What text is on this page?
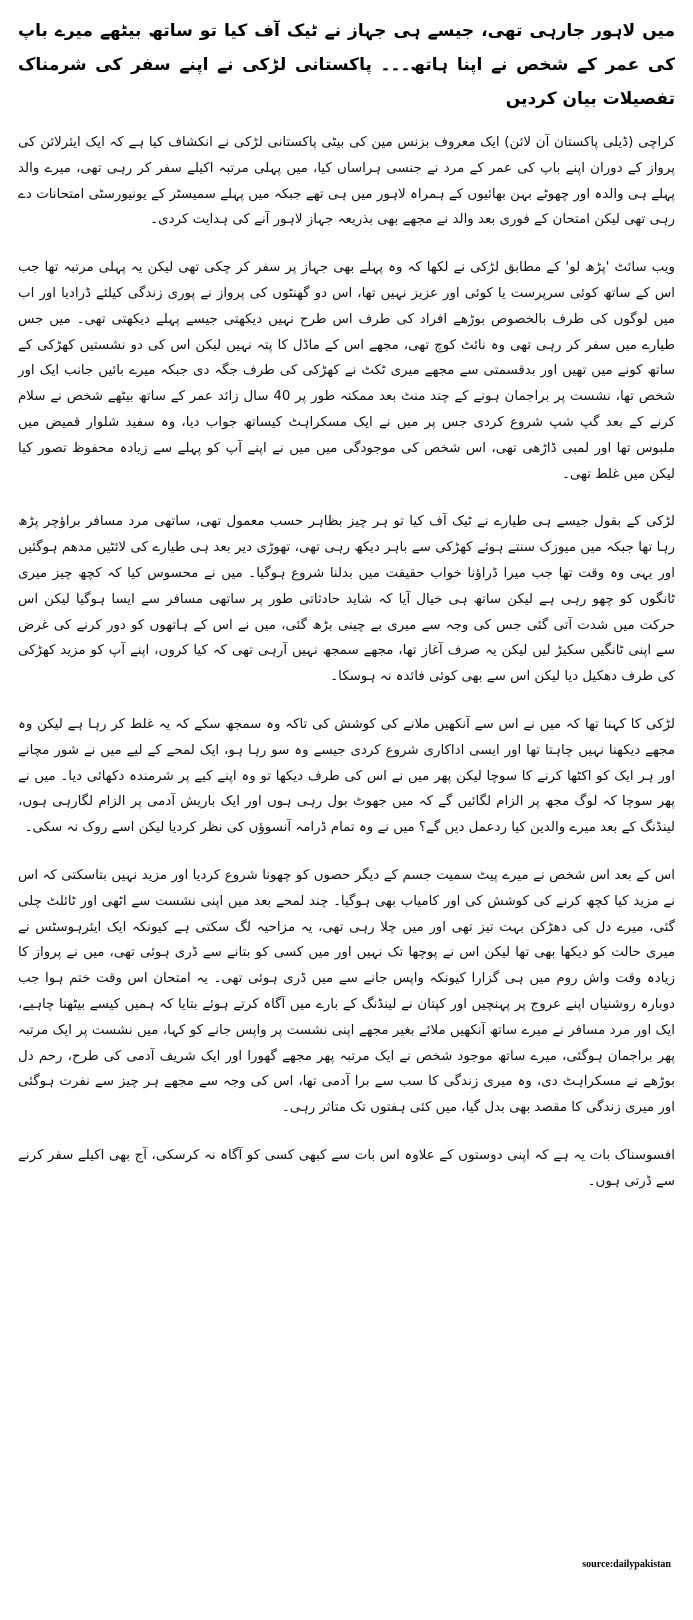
میں لاہور جارہی تھی، جیسے ہی جہاز نے ٹیک آف کیا تو ساتھ بیٹھے میرے باپ کی عمر کے شخص نے اپنا ہاتھ۔۔۔ پاکستانی لڑکی نے اپنے سفر کی شرمناک تفصیلات بیان کردیں

کراچی (ڈیلی پاکستان آن لائن) ایک معروف بزنس مین کی بیٹی پاکستانی لڑکی نے انکشاف کیا ہے کہ ایک ایئرلائن کی پرواز کے دوران اپنے باپ کی عمر کے مرد نے جنسی ہراساں کیا، میں پہلی مرتبہ اکیلے سفر کر رہی تھی، میرے والد پہلے ہی والدہ اور چھوٹے بہن بھائیوں کے ہمراہ لاہور میں ہی تھے جبکہ میں پہلے سمیسٹر کے یونیورسٹی امتحانات دے رہی تھی لیکن امتحان کے فوری بعد والد نے مجھے بھی بذریعہ جہاز لاہور آنے کی ہدایت کردی۔

ویب سائٹ 'پڑھ لو' کے مطابق لڑکی نے لکھا کہ وہ پہلے بھی جہاز پر سفر کر چکی تھی لیکن یہ پہلی مرتبہ تھا جب اس کے ساتھ کوئی سرپرست یا کوئی اور عزیز نہیں تھا، اس دو گھنٹوں کی پرواز نے پوری زندگی کیلئے ڈرادیا اور اب میں لوگوں کی طرف بالخصوص بوڑھے افراد کی طرف اس طرح نہیں دیکھتی جیسے پہلے دیکھتی تھی۔ میں جس طیارے میں سفر کر رہی تھی وہ نائٹ کوچ تھی، مجھے اس کے ماڈل کا پتہ نہیں لیکن اس کی دو نشستیں کھڑکی کے ساتھ کونے میں تھیں اور بدقسمتی سے مجھے میری ٹکٹ نے کھڑکی کی طرف جگہ دی جبکہ میرے بائیں جانب ایک اور شخص تھا، نشست پر براجمان ہونے کے چند منٹ بعد ممکنہ طور پر 40 سال زائد عمر کے ساتھ بیٹھے شخص نے سلام کرنے کے بعد گپ شپ شروع کردی جس پر میں نے ایک مسکراہٹ کیساتھ جواب دیا، وہ سفید شلوار قمیض میں ملبوس تھا اور لمبی ڈاڑھی تھی، اس شخص کی موجودگی میں میں نے اپنے آپ کو پہلے سے زیادہ محفوظ تصور کیا لیکن میں غلط تھی۔

لڑکی کے بقول جیسے ہی طیارے نے ٹیک آف کیا تو ہر چیز بظاہر حسب معمول تھی، ساتھی مرد مسافر براؤچر پڑھ رہا تھا جبکہ میں میوزک سنتے ہوئے کھڑکی سے باہر دیکھ رہی تھی، تھوڑی دیر بعد ہی طیارے کی لائٹیں مدھم ہوگئیں اور یہی وہ وقت تھا جب میرا ڈراؤنا خواب حقیقت میں بدلنا شروع ہوگیا۔ میں نے محسوس کیا کہ کچھ چیز میری ٹانگوں کو چھو رہی ہے لیکن ساتھ ہی خیال آیا کہ شاید حادثاتی طور پر ساتھی مسافر سے ایسا ہوگیا لیکن اس حرکت میں شدت آتی گئی جس کی وجہ سے میری بے چینی بڑھ گئی، میں نے اس کے ہاتھوں کو دور کرنے کی غرض سے اپنی ٹانگیں سکیڑ لیں لیکن یہ صرف آغاز تھا، مجھے سمجھ نہیں آرہی تھی کہ کیا کروں، اپنے آپ کو مزید کھڑکی کی طرف دھکیل دیا لیکن اس سے بھی کوئی فائدہ نہ ہوسکا۔

لڑکی کا کہنا تھا کہ میں نے اس سے آنکھیں ملانے کی کوشش کی تاکہ وہ سمجھ سکے کہ یہ غلط کر رہا ہے لیکن وہ مجھے دیکھنا نہیں چاہتا تھا اور ایسی اداکاری شروع کردی جیسے وہ سو رہا ہو، ایک لمحے کے لیے میں نے شور مچانے اور ہر ایک کو اکٹھا کرنے کا سوچا لیکن پھر میں نے اس کی طرف دیکھا تو وہ اپنے کیے پر شرمندہ دکھائی دیا۔ میں نے پھر سوچا کہ لوگ مجھ پر الزام لگائیں گے کہ میں جھوٹ بول رہی ہوں اور ایک باریش آدمی پر الزام لگارہی ہوں، لینڈنگ کے بعد میرے والدین کیا ردعمل دیں گے؟ میں نے وہ تمام ڈرامہ آنسوؤں کی نظر کردیا لیکن اسے روک نہ سکی۔

اس کے بعد اس شخص نے میرے پیٹ سمیت جسم کے دیگر حصوں کو چھونا شروع کردیا اور مزید نہیں بتاسکتی کہ اس نے مزید کیا کچھ کرنے کی کوشش کی اور کامیاب بھی ہوگیا۔ چند لمحے بعد میں اپنی نشست سے اٹھی اور ٹائلٹ چلی گئی، میرے دل کی دھڑکن بہت تیز تھی اور میں چلا رہی تھی، یہ مزاحیہ لگ سکتی ہے کیونکہ ایک ایئرہوسٹس نے میری حالت کو دیکھا بھی تھا لیکن اس نے پوچھا تک نہیں اور میں کسی کو بتانے سے ڈری ہوئی تھی، میں نے پرواز کا زیادہ وقت واش روم میں ہی گزارا کیونکہ واپس جانے سے میں ڈری ہوئی تھی۔ یہ امتحان اس وقت ختم ہوا جب دوبارہ روشنیاں اپنے عروج پر پہنچیں اور کپتان نے لینڈنگ کے بارے میں آگاہ کرتے ہوئے بتایا کہ ہمیں کیسے بیٹھنا چاہیے، ایک اور مرد مسافر نے میرے ساتھ آنکھیں ملائے بغیر مجھے اپنی نشست پر واپس جانے کو کہا، میں نشست پر ایک مرتبہ پھر براجمان ہوگئی، میرے ساتھ موجود شخص نے ایک مرتبہ پھر مجھے گھورا اور ایک شریف آدمی کی طرح، رحم دل بوڑھے نے مسکراہٹ دی، وہ میری زندگی کا سب سے برا آدمی تھا، اس کی وجہ سے مجھے ہر چیز سے نفرت ہوگئی اور میری زندگی کا مقصد بھی بدل گیا، میں کئی ہفتوں تک متاثر رہی۔

افسوسناک بات یہ ہے کہ اپنی دوستوں کے علاوہ اس بات سے کبھی کسی کو آگاہ نہ کرسکی، آج بھی اکیلے سفر کرنے سے ڈرتی ہوں۔

source:dailypakistan
